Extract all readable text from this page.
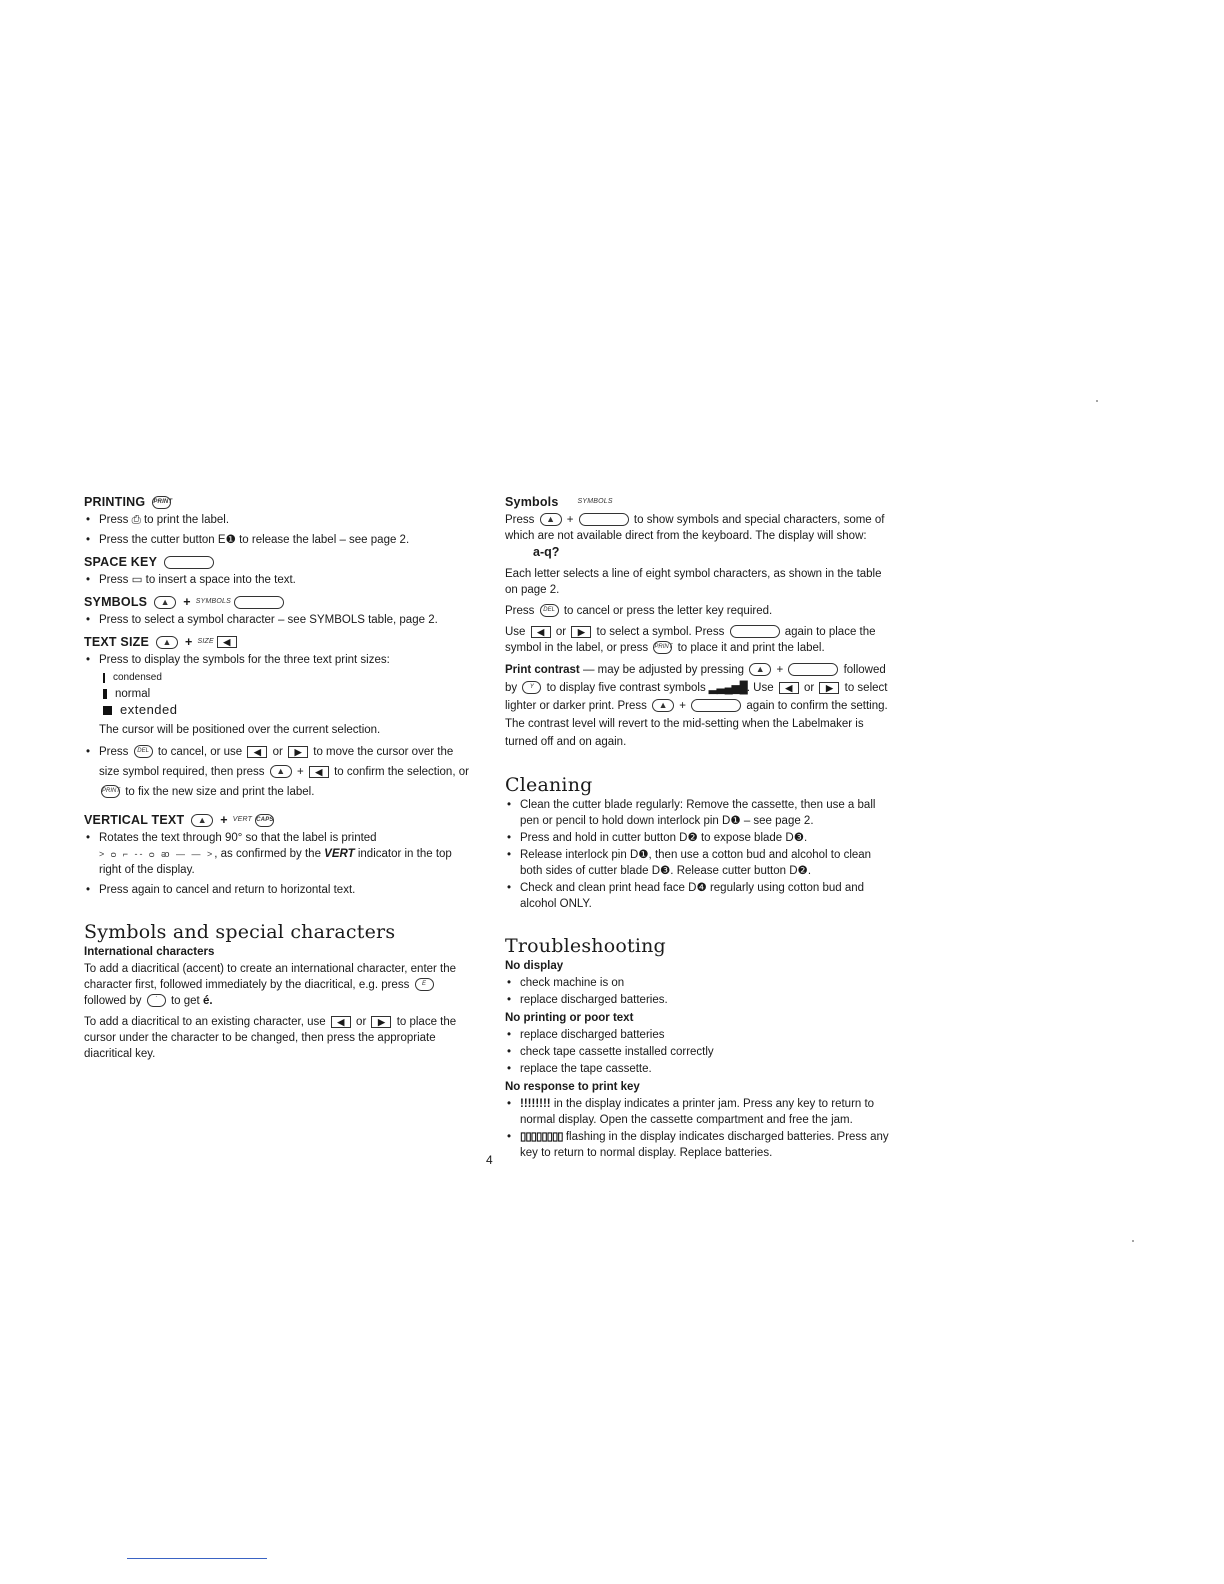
PRINTING PRINT
• Press ⎙ to print the label.
• Press the cutter button E❶ to release the label – see page 2.
SPACE KEY
• Press ▭ to insert a space into the text.
SYMBOLS	▲	+ SYMBOLS
• Press to select a symbol character – see SYMBOLS table, page 2.
TEXT SIZE	▲	+ SIZE	◀
• Press to display the symbols for the three text print sizes:
condensed
normal
extended
The cursor will be positioned over the current selection.
• Press DEL to cancel, or use ◀ or ▶ to move the cursor over the size symbol required, then press ▲ + ◀ to confirm the selection, or PRINT to fix the new size and print the label.
VERTICAL TEXT	▲	+ VERT CAPS
• Rotates the text through 90° so that the label is printed
> ᴑ ⌐ -- ᴑ ᴔ — — >, as confirmed by the VERT indicator in the top right of the display.
• Press again to cancel and return to horizontal text.
Symbols and special characters
International characters

To add a diacritical (accent) to create an international character, enter the character first, followed immediately by the diacritical, e.g. press E followed by ´ to get é.

To add a diacritical to an existing character, use ◀ or ▶ to place the cursor under the character to be changed, then press the appropriate diacritical key.

Symbols	SYMBOLS

Press ▲ +	to show symbols and special characters, some of which are not available direct from the keyboard. The display will show: a-q?

Each letter selects a line of eight symbol characters, as shown in the table on page 2.

Press DEL to cancel or press the letter key required.

Use ◀ or ▶ to select a symbol. Press	again to place the symbol in the label, or press PRINT to place it and print the label.

Print contrast — may be adjusted by pressing ▲ +	followed by Y to display five contrast symbols ▂▃▄▅█. Use ◀ or ▶ to select lighter or darker print. Press ▲ +	again to confirm the setting. The contrast level will revert to the mid-setting when the Labelmaker is turned off and on again.

Cleaning
• Clean the cutter blade regularly: Remove the cassette, then use a ball pen or pencil to hold down interlock pin D❶ – see page 2.
• Press and hold in cutter button D❷ to expose blade D❸.
• Release interlock pin D❶, then use a cotton bud and alcohol to clean both sides of cutter blade D❸. Release cutter button D❷.
• Check and clean print head face D❹ regularly using cotton bud and alcohol ONLY.
Troubleshooting
No display
• check machine is on
• replace discharged batteries.
No printing or poor text
• replace discharged batteries
• check tape cassette installed correctly
• replace the tape cassette.
No response to print key
• !!!!!!!! in the display indicates a printer jam. Press any key to return to normal display. Open the cassette compartment and free the jam.
• ▯▯▯▯▯▯▯▯ flashing in the display indicates discharged batteries. Press any key to return to normal display. Replace batteries.
4
